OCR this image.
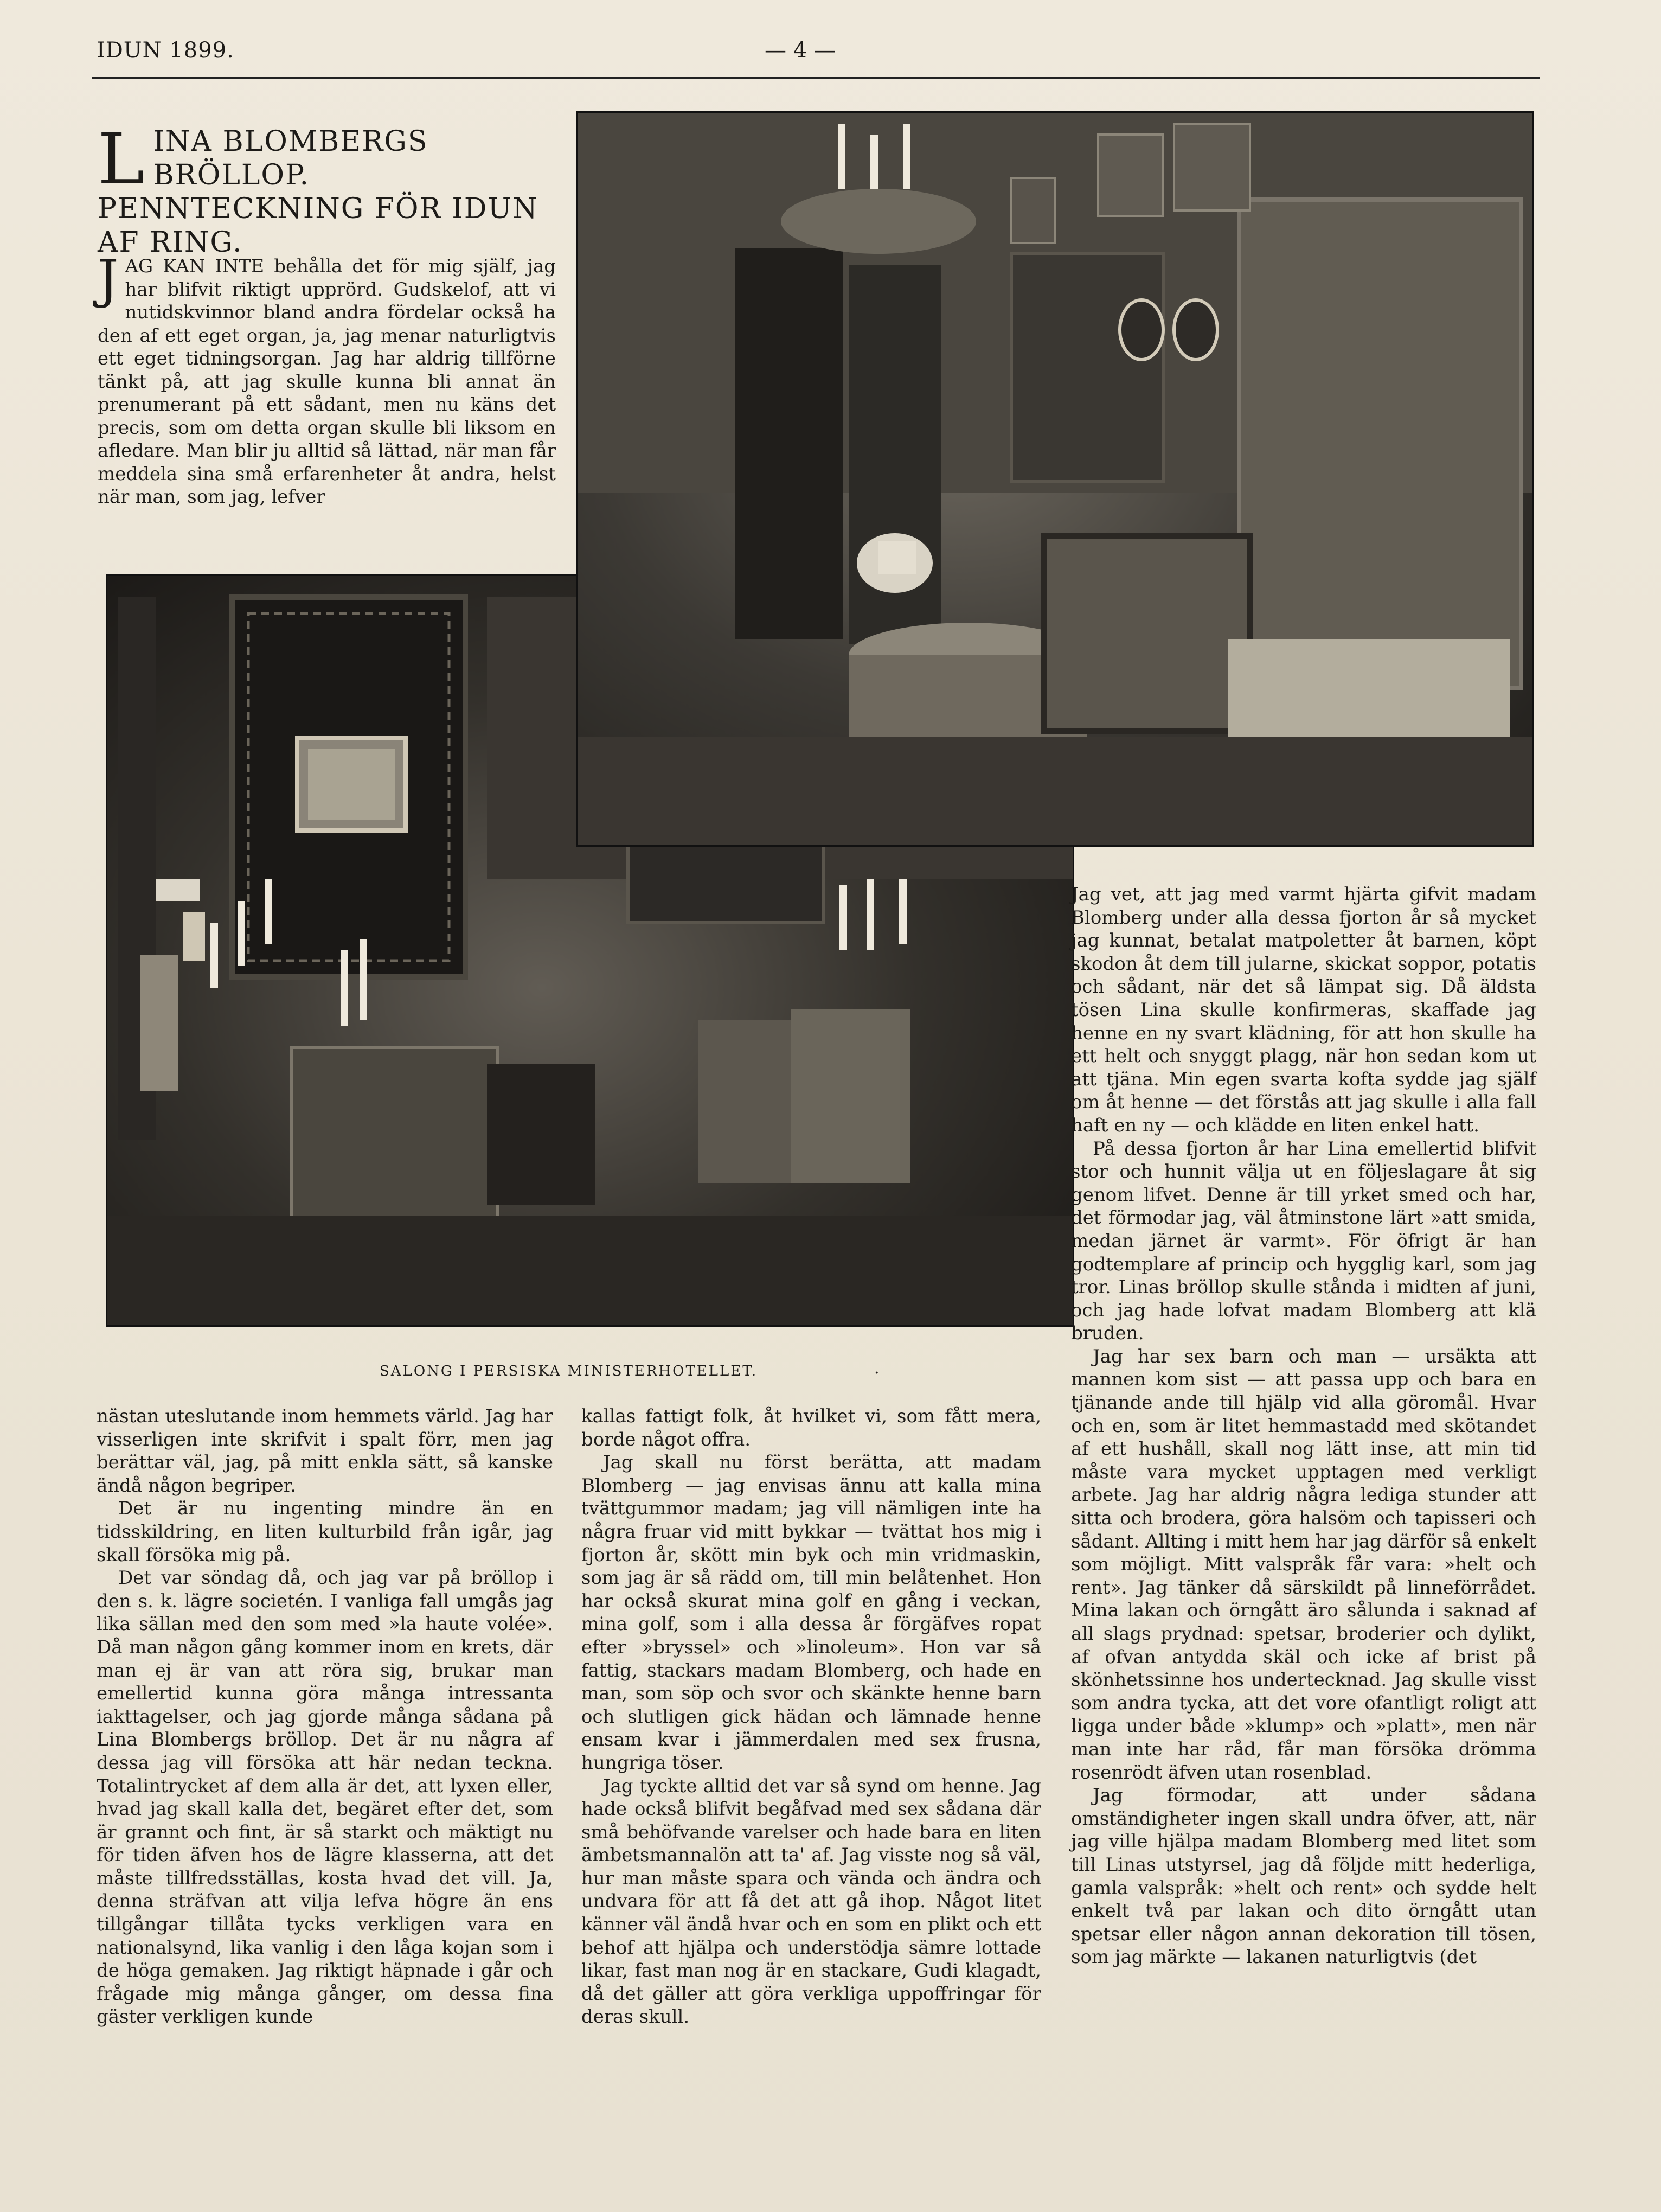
IDUN 1899.	— 4 —
L INA BLOMBERGS BRÖLLOP.
PENNTECKNING FÖR IDUN
AF RING.
J AG KAN INTE behålla det för mig själf, jag har blifvit riktigt upprörd. Gudskelof, att vi nutidskvinnor bland andra fördelar också ha den af ett eget organ, ja, jag menar naturligtvis ett eget tidningsorgan. Jag har aldrig tillförne tänkt på, att jag skulle kunna bli annat än prenumerant på ett sådant, men nu käns det precis, som om detta organ skulle bli liksom en afledare. Man blir ju alltid så lättad, när man får meddela sina små erfarenheter åt andra, helst när man, som jag, lefver
SALONG I PERSISKA MINISTERHOTELLET.	.

Jag vet, att jag med varmt hjärta gifvit madam Blomberg under alla dessa fjorton år så mycket jag kunnat, betalat matpoletter åt barnen, köpt skodon åt dem till jularne, skickat soppor, potatis och sådant, när det så lämpat sig. Då äldsta tösen Lina skulle konfirmeras, skaffade jag henne en ny svart klädning, för att hon skulle ha ett helt och snyggt plagg, när hon sedan kom ut att tjäna. Min egen svarta kofta sydde jag själf om åt henne — det förstås att jag skulle i alla fall haft en ny — och klädde en liten enkel hatt.

På dessa fjorton år har Lina emellertid blifvit stor och hunnit välja ut en följeslagare åt sig genom lifvet. Denne är till yrket smed och har, det förmodar jag, väl åtminstone lärt »att smida, medan järnet är varmt». För öfrigt är han godtemplare af princip och hygglig karl, som jag tror. Linas bröllop skulle stånda i midten af juni, och jag hade lofvat madam Blomberg att klä bruden.

Jag har sex barn och man — ursäkta att mannen kom sist — att passa upp och bara en tjänande ande till hjälp vid alla göromål. Hvar och en, som är litet hemmastadd med skötandet af ett hushåll, skall nog lätt inse, att min tid måste vara mycket upptagen med verkligt arbete. Jag har aldrig några lediga stunder att sitta och brodera, göra halsöm och tapisseri och sådant. Allting i mitt hem har jag därför så enkelt som möjligt. Mitt valspråk får vara: »helt och rent». Jag tänker då särskildt på linneförrådet. Mina lakan och örngått äro sålunda i saknad af all slags prydnad: spetsar, broderier och dylikt, af ofvan antydda skäl och icke af brist på skönhetssinne hos undertecknad. Jag skulle visst som andra tycka, att det vore ofantligt roligt att ligga under både »klump» och »platt», men när man inte har råd, får man försöka drömma rosenrödt äfven utan rosenblad.

Jag förmodar, att under sådana omständigheter ingen skall undra öfver, att, när jag ville hjälpa madam Blomberg med litet som till Linas utstyrsel, jag då följde mitt hederliga, gamla valspråk: »helt och rent» och sydde helt enkelt två par lakan och dito örngått utan spetsar eller någon annan dekoration till tösen, som jag märkte — lakanen naturligtvis (det

nästan uteslutande inom hemmets värld. Jag har visserligen inte skrifvit i spalt förr, men jag berättar väl, jag, på mitt enkla sätt, så kanske ändå någon begriper.

Det är nu ingenting mindre än en tidsskildring, en liten kulturbild från igår, jag skall försöka mig på.

Det var söndag då, och jag var på bröllop i den s. k. lägre societén. I vanliga fall umgås jag lika sällan med den som med »la haute volée». Då man någon gång kommer inom en krets, där man ej är van att röra sig, brukar man emellertid kunna göra många intressanta iakttagelser, och jag gjorde många sådana på Lina Blombergs bröllop. Det är nu några af dessa jag vill försöka att här nedan teckna. Totalintrycket af dem alla är det, att lyxen eller, hvad jag skall kalla det, begäret efter det, som är grannt och fint, är så starkt och mäktigt nu för tiden äfven hos de lägre klasserna, att det måste tillfredsställas, kosta hvad det vill. Ja, denna sträfvan att vilja lefva högre än ens tillgångar tillåta tycks verkligen vara en nationalsynd, lika vanlig i den låga kojan som i de höga gemaken. Jag riktigt häpnade i går och frågade mig många gånger, om dessa fina gäster verkligen kunde

kallas fattigt folk, åt hvilket vi, som fått mera, borde något offra.

Jag skall nu först berätta, att madam Blomberg — jag envisas ännu att kalla mina tvättgummor madam; jag vill nämligen inte ha några fruar vid mitt bykkar — tvättat hos mig i fjorton år, skött min byk och min vridmaskin, som jag är så rädd om, till min belåtenhet. Hon har också skurat mina golf en gång i veckan, mina golf, som i alla dessa år förgäfves ropat efter »bryssel» och »linoleum». Hon var så fattig, stackars madam Blomberg, och hade en man, som söp och svor och skänkte henne barn och slutligen gick hädan och lämnade henne ensam kvar i jämmerdalen med sex frusna, hungriga töser.

Jag tyckte alltid det var så synd om henne. Jag hade också blifvit begåfvad med sex sådana där små behöfvande varelser och hade bara en liten ämbetsmannalön att ta' af. Jag visste nog så väl, hur man måste spara och vända och ändra och undvara för att få det att gå ihop. Något litet känner väl ändå hvar och en som en plikt och ett behof att hjälpa och understödja sämre lottade likar, fast man nog är en stackare, Gudi klagadt, då det gäller att göra verkliga uppoffringar för deras skull.
